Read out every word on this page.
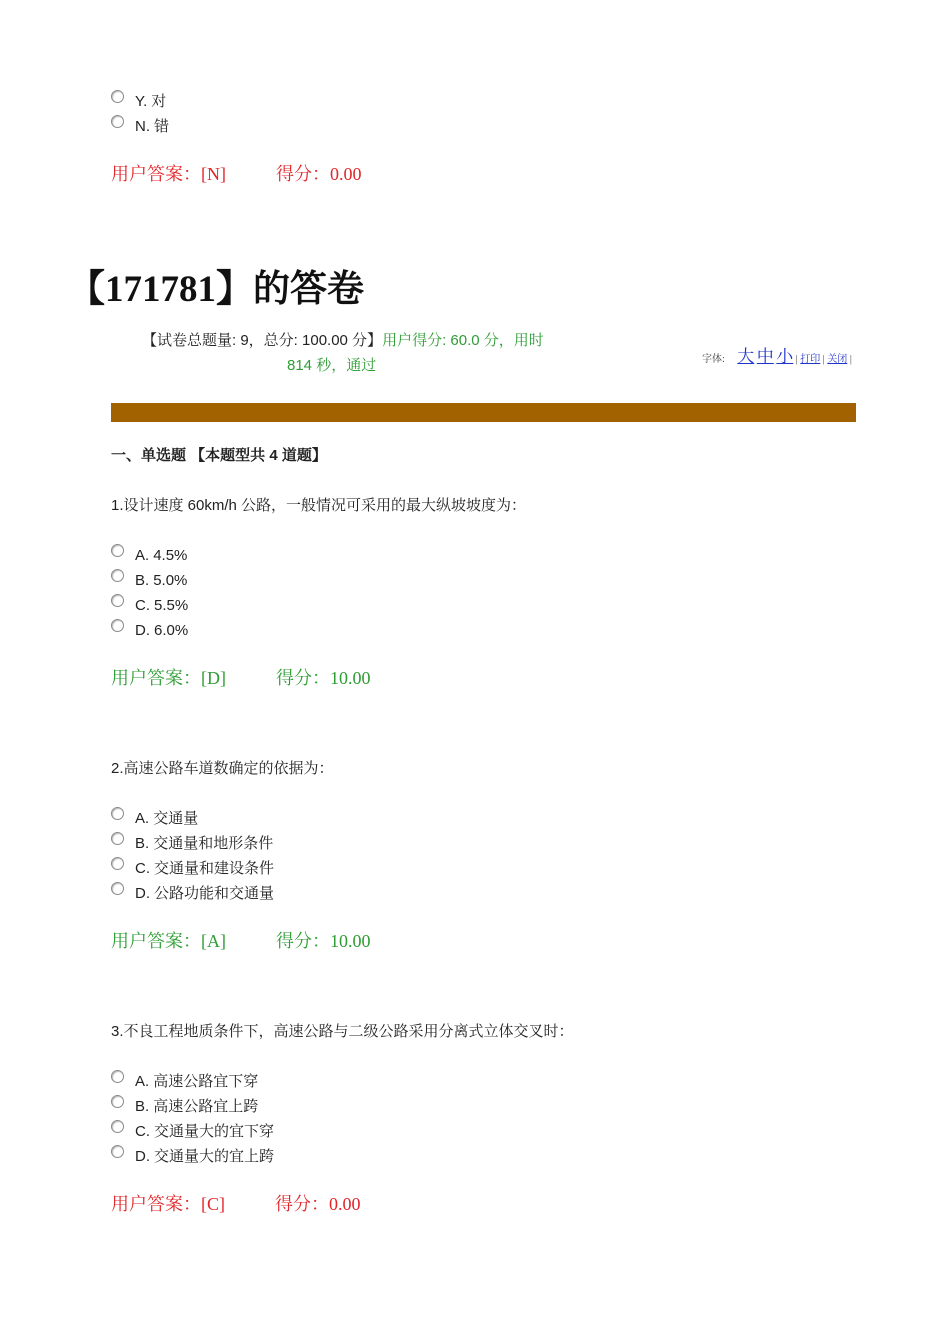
Y. 对
N. 错
用户答案：[N]	得分：0.00
【171781】的答卷
【试卷总题量: 9，总分: 100.00 分】用户得分: 60.0 分，用时
814 秒，通过	字体: 大 中 小 | 打印 | 关闭 |
一、单选题 【本题型共 4 道题】
1.设计速度 60km/h 公路，一般情况可采用的最大纵坡坡度为：
A. 4.5%
B. 5.0%
C. 5.5%
D. 6.0%
用户答案：[D]	得分：10.00
2.高速公路车道数确定的依据为：
A. 交通量
B. 交通量和地形条件
C. 交通量和建设条件
D. 公路功能和交通量
用户答案：[A]	得分：10.00
3.不良工程地质条件下，高速公路与二级公路采用分离式立体交叉时：
A. 高速公路宜下穿
B. 高速公路宜上跨
C. 交通量大的宜下穿
D. 交通量大的宜上跨
用户答案：[C]	得分：0.00
